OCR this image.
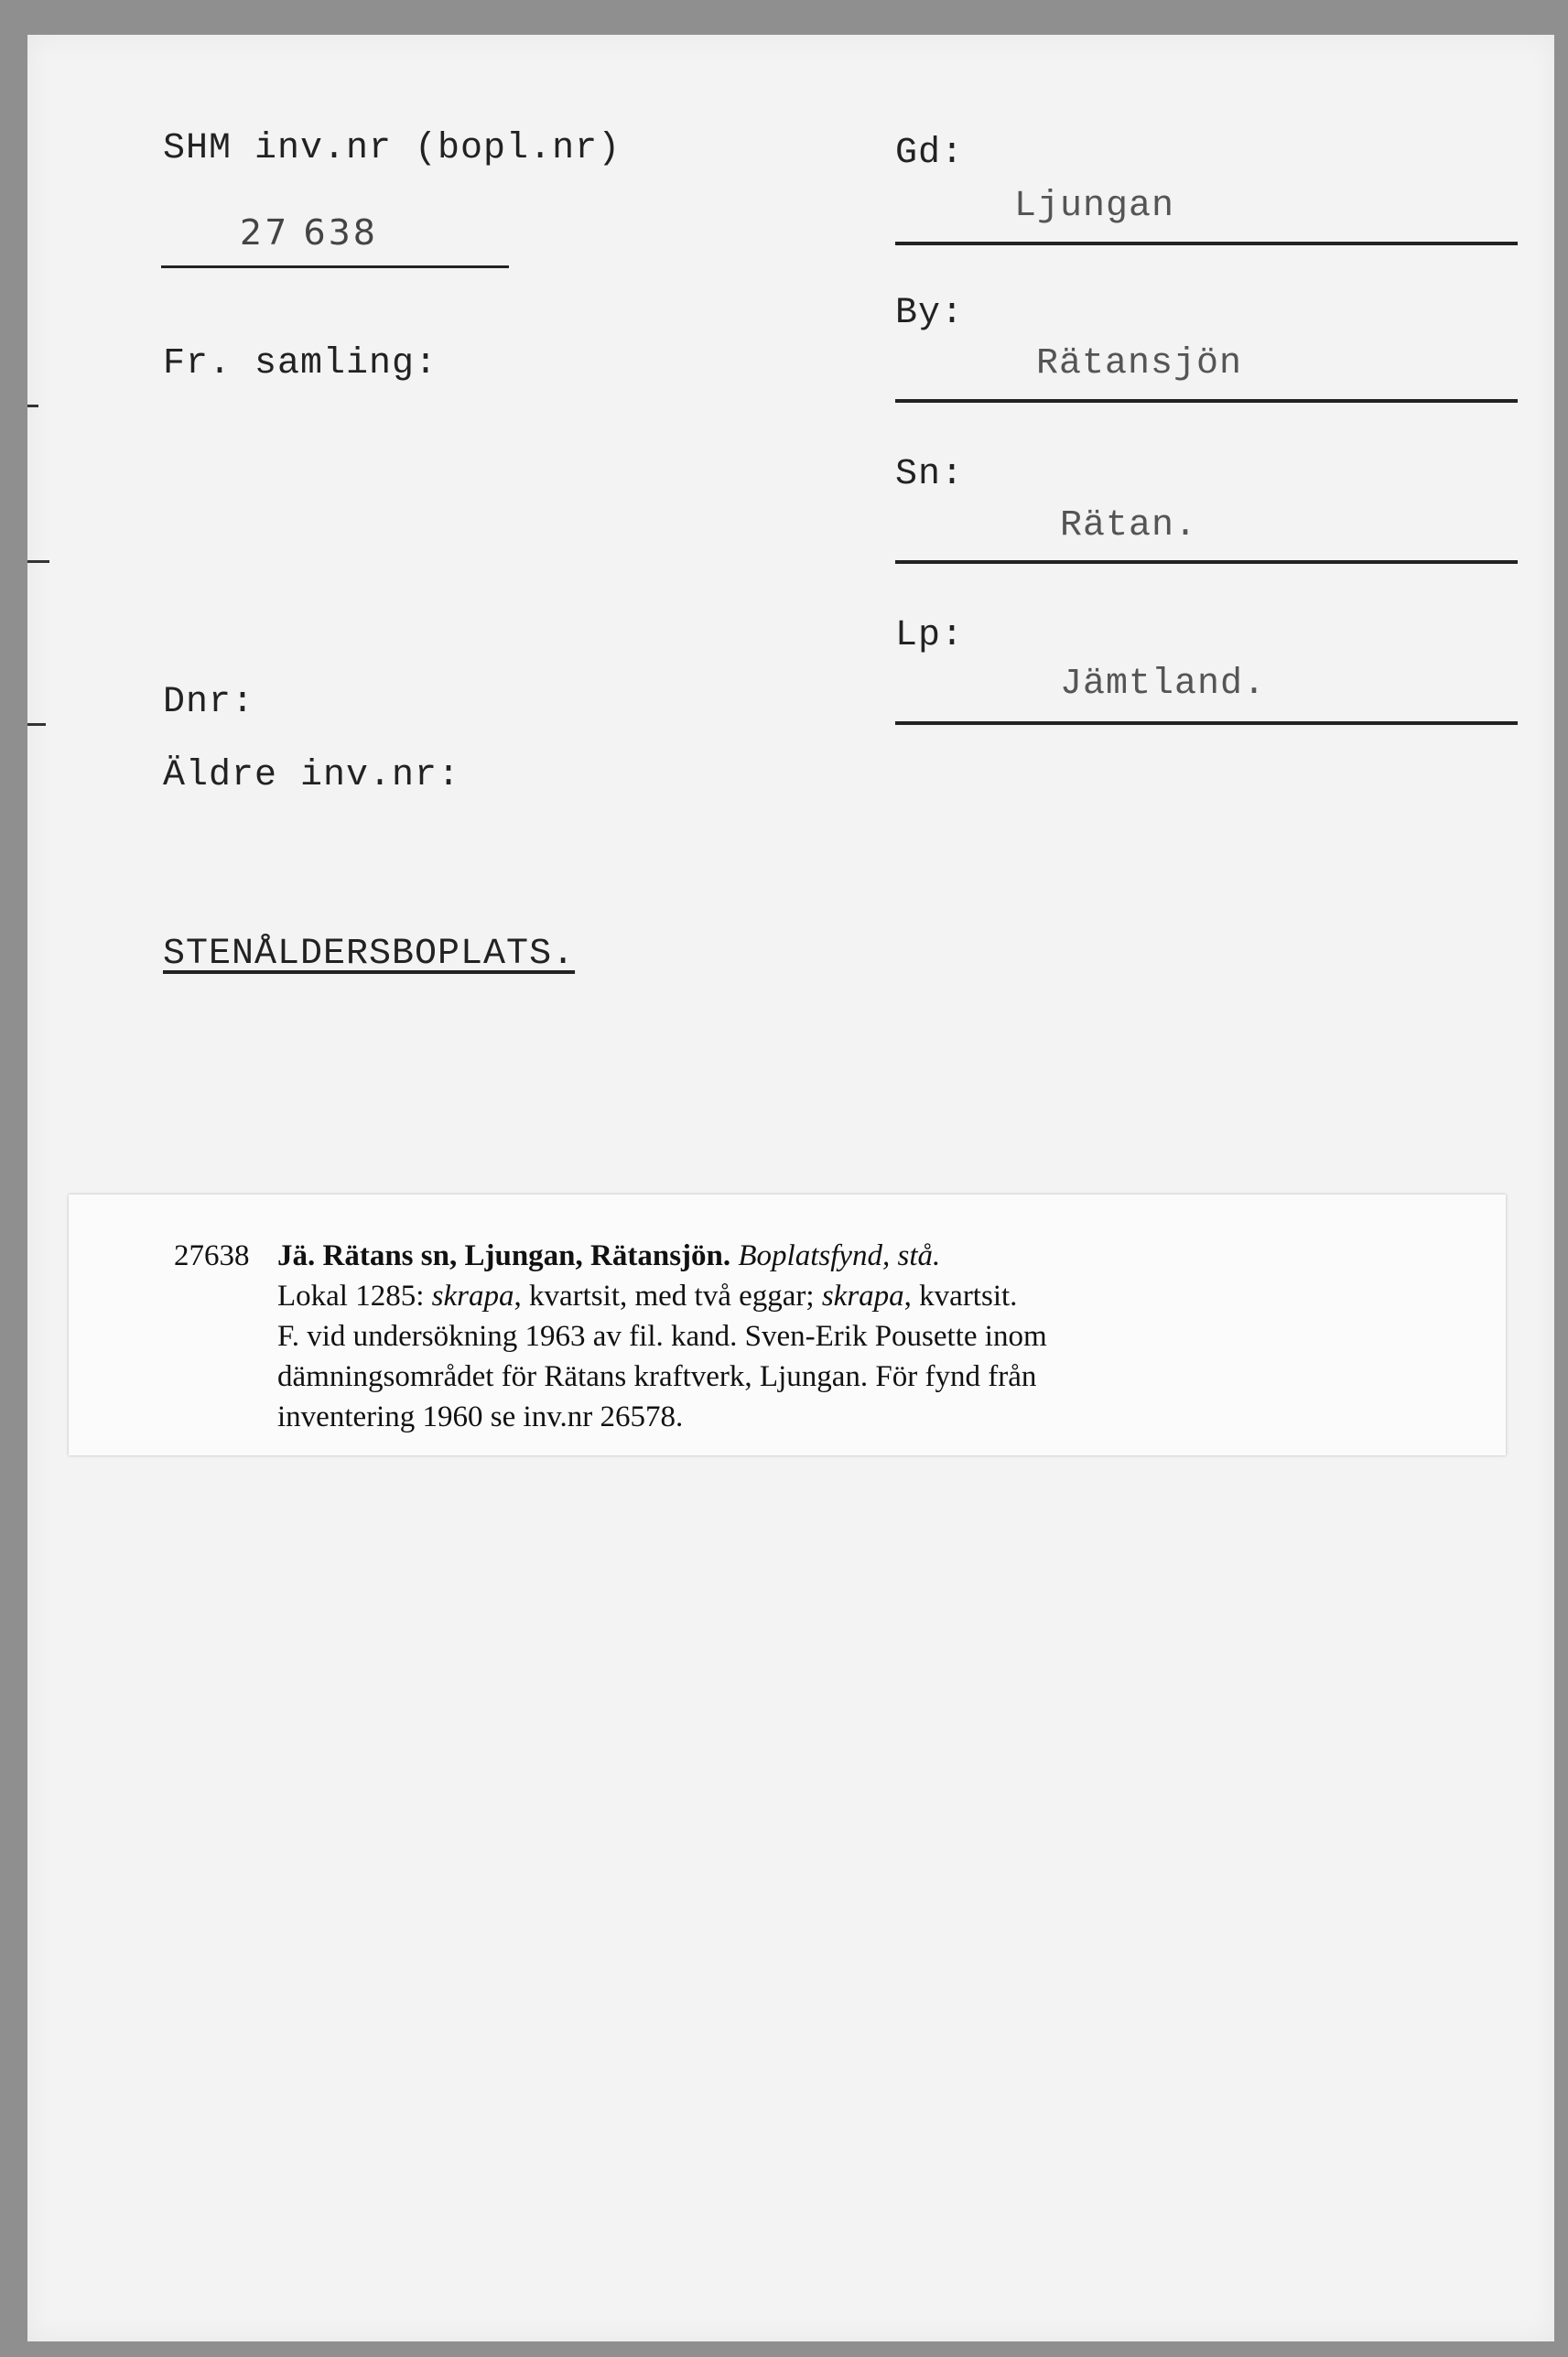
SHM inv.nr (bopl.nr)
27 638
Fr. samling:
Dnr:
Äldre inv.nr:
STENÅLDERSBOPLATS.
Gd:
Ljungan
By:
Rätansjön
Sn:
Rätan.
Lp:
Jämtland.
27638 Jä. Rätans sn, Ljungan, Rätansjön. Boplatsfynd, stå.
Lokal 1285: skrapa, kvartsit, med två eggar; skrapa, kvartsit.
F. vid undersökning 1963 av fil. kand. Sven-Erik Pousette inom
dämningsområdet för Rätans kraftverk, Ljungan. För fynd från
inventering 1960 se inv.nr 26578.
